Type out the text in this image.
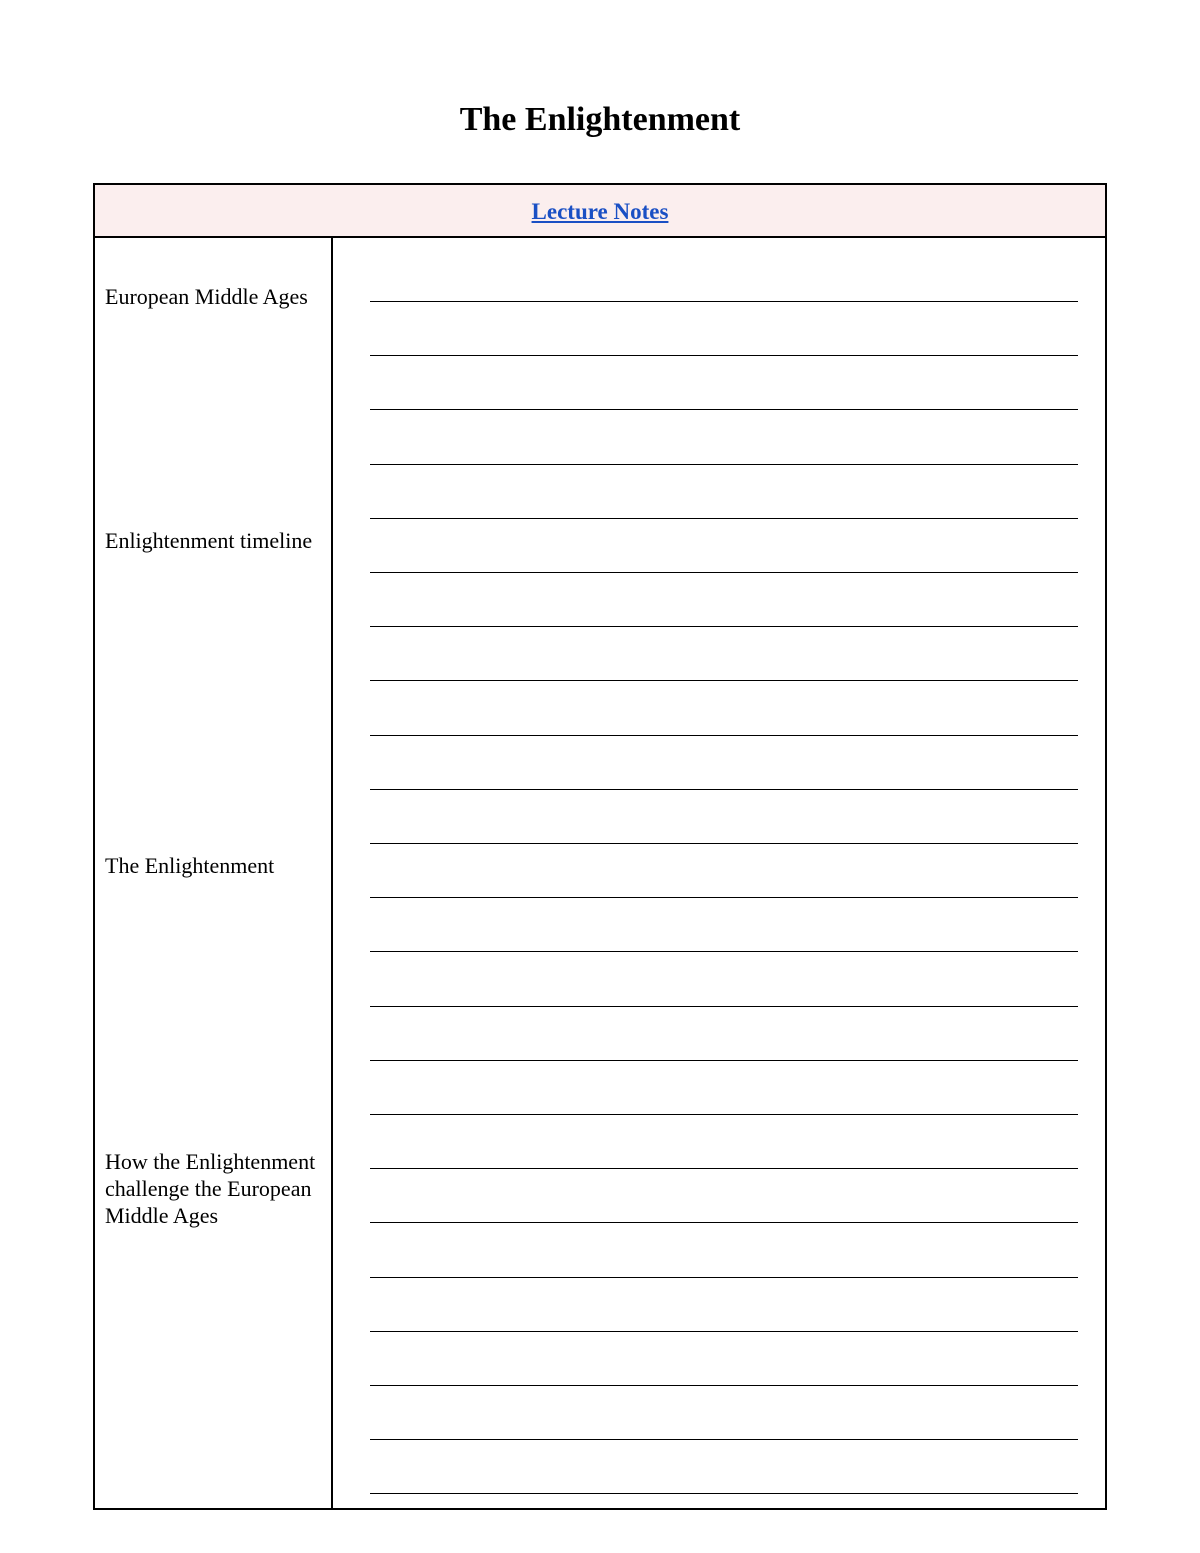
The Enlightenment
Lecture Notes
European Middle Ages
Enlightenment timeline
The Enlightenment
How the Enlightenment challenge the European Middle Ages
